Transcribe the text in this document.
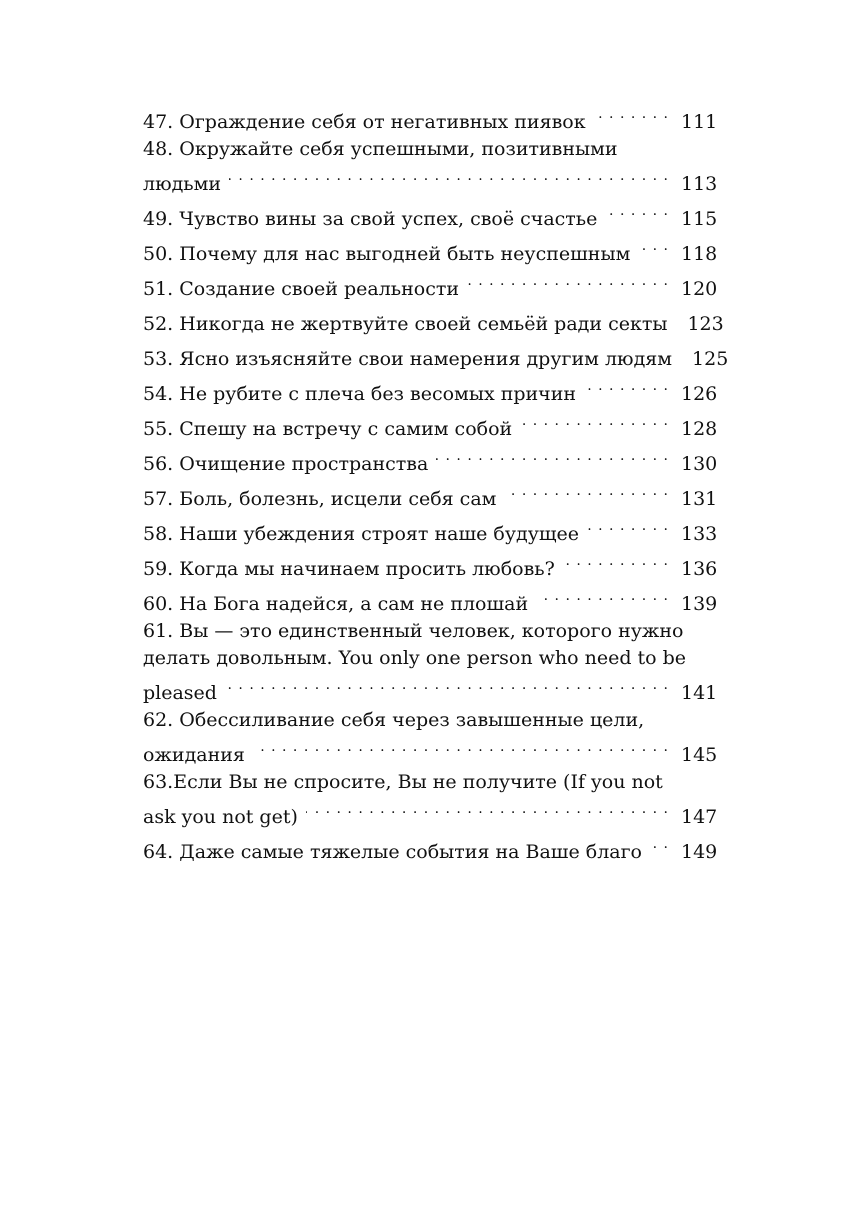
47. Ограждение себя от негативных пиявок . . .	111
48. Окружайте себя успешными, позитивными
людьми . . .	113
49. Чувство вины за свой успех, своё счастье . . .	115
50. Почему для нас выгодней быть неуспешным . . .	118
51. Создание своей реальности . . .	120
52. Никогда не жертвуйте своей семьёй ради секты 123
53. Ясно изъясняйте свои намерения другим людям 125
54. Не рубите с плеча без весомых причин . . .	126
55. Спешу на встречу с самим собой . . .	128
56. Очищение пространства . . .	130
57. Боль, болезнь, исцели себя сам . . .	131
58. Наши убеждения строят наше будущее . . .	133
59. Когда мы начинаем просить любовь? . . .	136
60. На Бога надейся, а сам не плошай . . .	139
61. Вы — это единственный человек, которого нужно
делать довольным. You only one person who need to be
pleased . . .	141
62. Обессиливание себя через завышенные цели,
ожидания . . .	145
63.Если Вы не спросите, Вы не получите (If you not
ask you not get) . . .	147
64. Даже самые тяжелые события на Ваше благо . . . 149
